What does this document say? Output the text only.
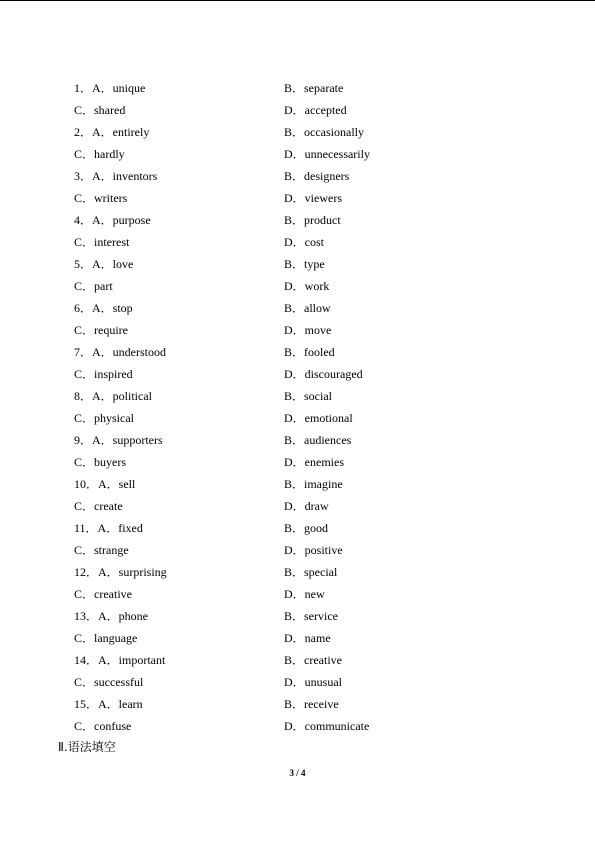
1．A．unique	B．separate
C．shared	D．accepted
2．A．entirely	B．occasionally
C．hardly	D．unnecessarily
3．A．inventors	B．designers
C．writers	D．viewers
4．A．purpose	B．product
C．interest	D．cost
5．A．love	B．type
C．part	D．work
6．A．stop	B．allow
C．require	D．move
7．A．understood	B．fooled
C．inspired	D．discouraged
8．A．political	B．social
C．physical	D．emotional
9．A．supporters	B．audiences
C．buyers	D．enemies
10．A．sell	B．imagine
C．create	D．draw
11．A．fixed	B．good
C．strange	D．positive
12．A．surprising	B．special
C．creative	D．new
13．A．phone	B．service
C．language	D．name
14．A．important	B．creative
C．successful	D．unusual
15．A．learn	B．receive
C．confuse	D．communicate
Ⅱ.语法填空
3 / 4
